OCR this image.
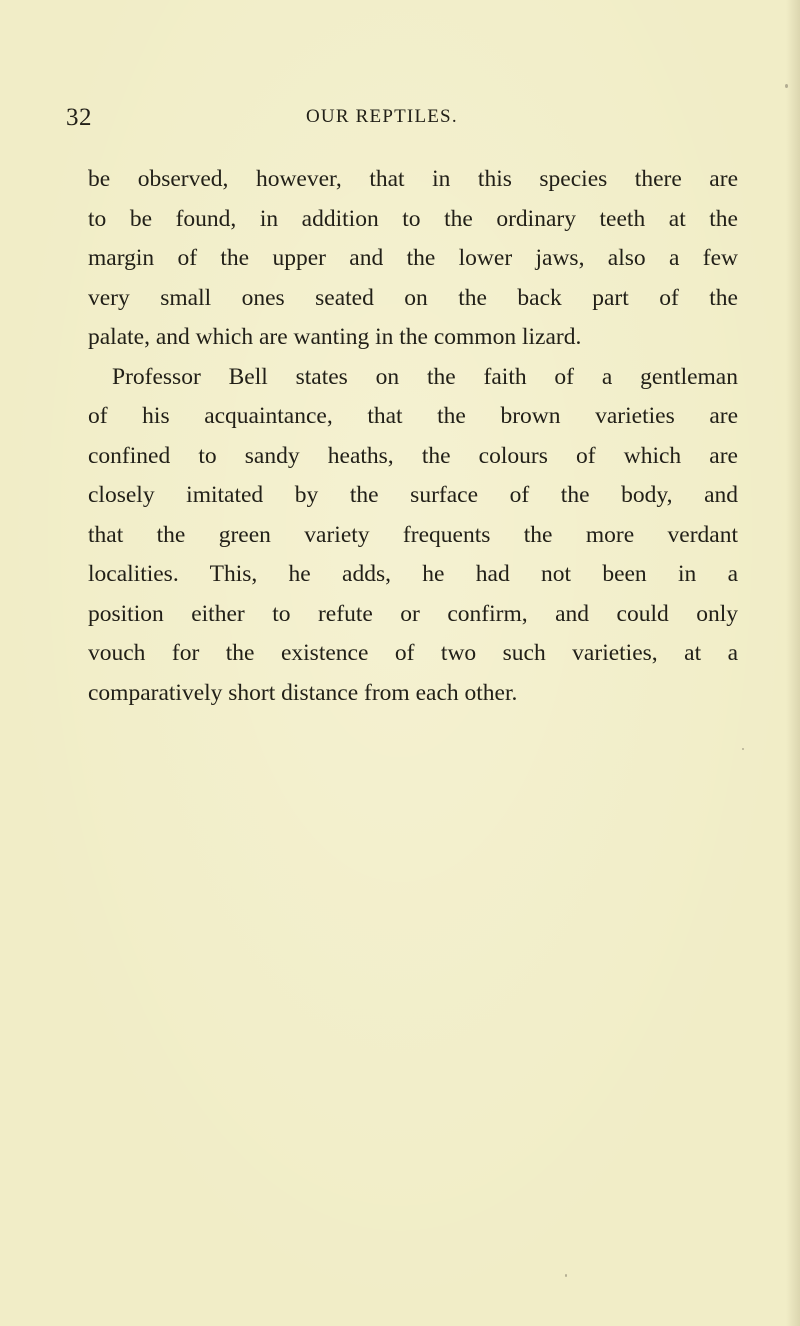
32	OUR REPTILES.
be observed, however, that in this species there are
to be found, in addition to the ordinary teeth at the
margin of the upper and the lower jaws, also a few
very small ones seated on the back part of the
palate, and which are wanting in the common lizard.
Professor Bell states on the faith of a gentleman
of his acquaintance, that the brown varieties are
confined to sandy heaths, the colours of which are
closely imitated by the surface of the body, and
that the green variety frequents the more verdant
localities. This, he adds, he had not been in a
position either to refute or confirm, and could only
vouch for the existence of two such varieties, at a
comparatively short distance from each other.
